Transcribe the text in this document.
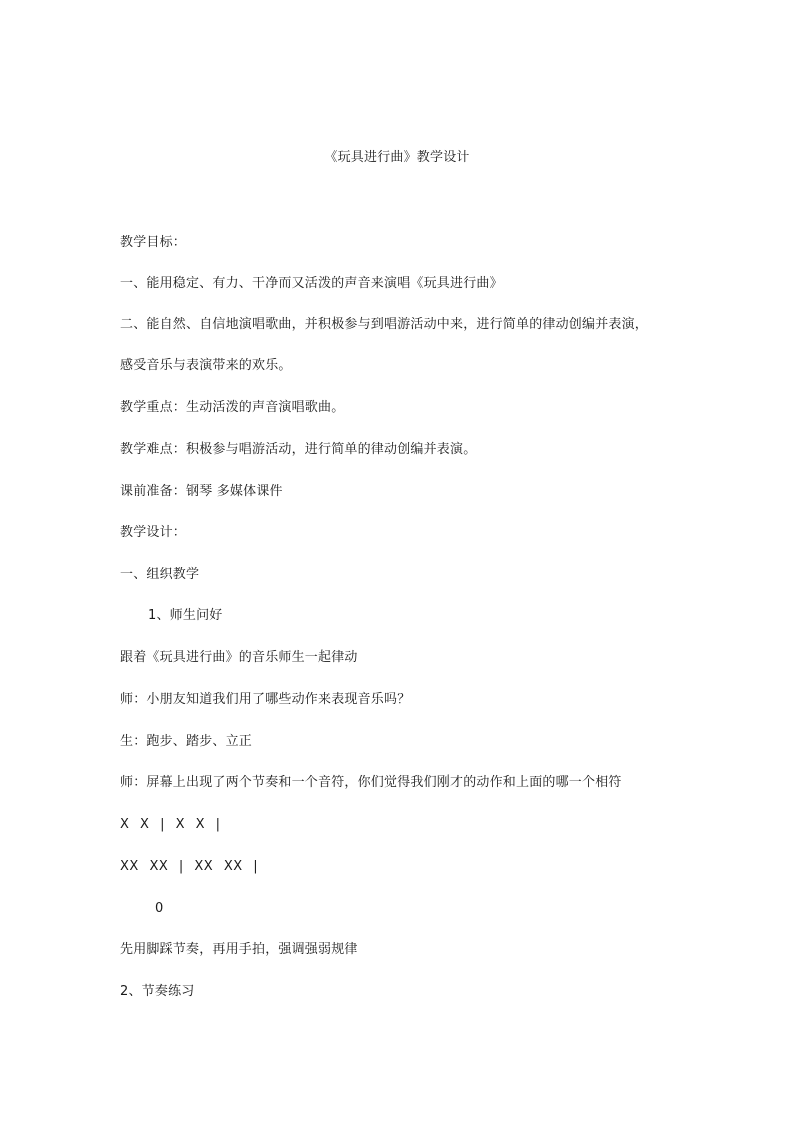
《玩具进行曲》教学设计
教学目标：
一、能用稳定、有力、干净而又活泼的声音来演唱《玩具进行曲》
二、能自然、自信地演唱歌曲，并积极参与到唱游活动中来，进行简单的律动创编并表演，
感受音乐与表演带来的欢乐。
教学重点：生动活泼的声音演唱歌曲。
教学难点：积极参与唱游活动，进行简单的律动创编并表演。
课前准备：钢琴 多媒体课件
教学设计：
一、组织教学
1、师生问好
跟着《玩具进行曲》的音乐师生一起律动
师：小朋友知道我们用了哪些动作来表现音乐吗？
生：跑步、踏步、立正
师：屏幕上出现了两个节奏和一个音符，你们觉得我们刚才的动作和上面的哪一个相符
X X | X X |
XX XX | XX XX |
0
先用脚踩节奏，再用手拍，强调强弱规律
2、节奏练习
